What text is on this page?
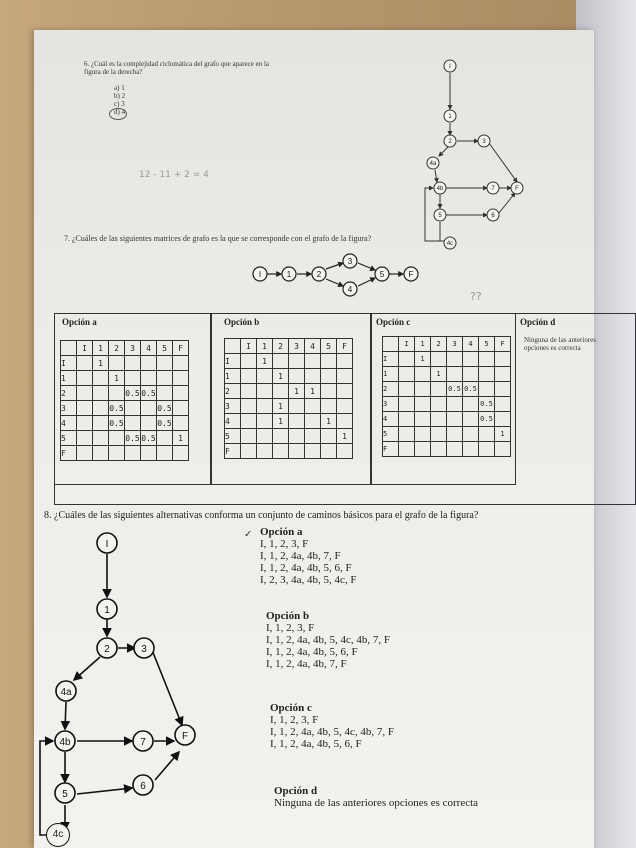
6. ¿Cuál es la complejidad ciclomática del grafo que aparece en la
figura de la derecha?
a) 1
b) 2
c) 3
d) 4
12 - 11 + 2 = 4
I
1
2	3
4a
4b	7	F
5	6
4c
7. ¿Cuáles de las siguientes matrices de grafo es la que se corresponde con el grafo de la figura?
I	1	2
3
4
5	F
??
Opción a
	I	1	2	3	4	5	F
I		1					
1			1				
2				0.5	0.5		
3			0.5			0.5	
4			0.5			0.5	
5				0.5	0.5		1
F							
Opción b
	I	1	2	3	4	5	F
I		1					
1			1				
2				1	1		
3			1				
4			1			1	
5							1
F							
Opción c
	I	1	2	3	4	5	F
I		1					
1			1				
2				0.5	0.5		
3						0.5	
4						0.5	
5							1
F							
Opción d
Ninguna de las anteriores opciones es correcta
8. ¿Cuáles de las siguientes alternativas conforma un conjunto de caminos básicos para el grafo de la figura?
I
1
2	3
4a
4b	7
F
5
6
4c
Opción a
I, 1, 2, 3, F
I, 1, 2, 4a, 4b, 7, F
I, 1, 2, 4a, 4b, 5, 6, F
I, 2, 3, 4a, 4b, 5, 4c, F
✓
Opción b
I, 1, 2, 3, F
I, 1, 2, 4a, 4b, 5, 4c, 4b, 7, F
I, 1, 2, 4a, 4b, 5, 6, F
I, 1, 2, 4a, 4b, 7, F
Opción c
I, 1, 2, 3, F
I, 1, 2, 4a, 4b, 5, 4c, 4b, 7, F
I, 1, 2, 4a, 4b, 5, 6, F
Opción d
Ninguna de las anteriores opciones es correcta
